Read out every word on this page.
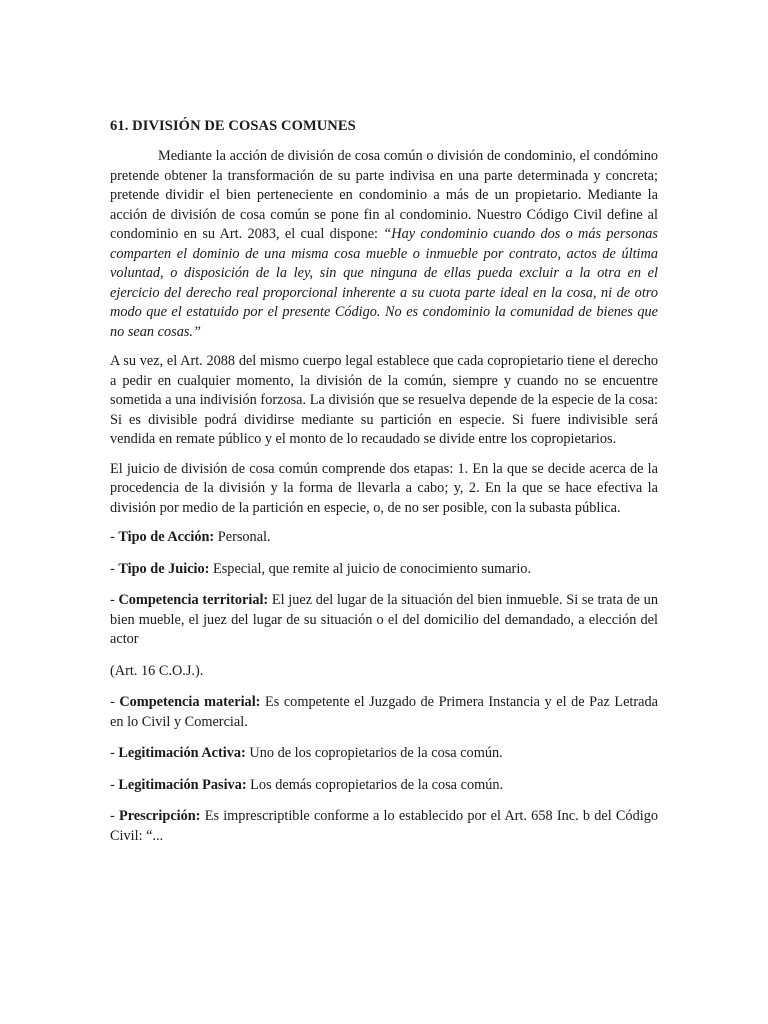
61. DIVISIÓN DE COSAS COMUNES

Mediante la acción de división de cosa común o división de condominio, el condómino pretende obtener la transformación de su parte indivisa en una parte determinada y concreta; pretende dividir el bien perteneciente en condominio a más de un propietario. Mediante la acción de división de cosa común se pone fin al condominio. Nuestro Código Civil define al condominio en su Art. 2083, el cual dispone: “Hay condominio cuando dos o más personas comparten el dominio de una misma cosa mueble o inmueble por contrato, actos de última voluntad, o disposición de la ley, sin que ninguna de ellas pueda excluir a la otra en el ejercicio del derecho real proporcional inherente a su cuota parte ideal en la cosa, ni de otro modo que el estatuido por el presente Código. No es condominio la comunidad de bienes que no sean cosas.”

A su vez, el Art. 2088 del mismo cuerpo legal establece que cada copropietario tiene el derecho a pedir en cualquier momento, la división de la común, siempre y cuando no se encuentre sometida a una indivisión forzosa. La división que se resuelva depende de la especie de la cosa: Si es divisible podrá dividirse mediante su partición en especie. Si fuere indivisible será vendida en remate público y el monto de lo recaudado se divide entre los copropietarios.

El juicio de división de cosa común comprende dos etapas: 1. En la que se decide acerca de la procedencia de la división y la forma de llevarla a cabo; y, 2. En la que se hace efectiva la división por medio de la partición en especie, o, de no ser posible, con la subasta pública.

- Tipo de Acción: Personal.

- Tipo de Juicio: Especial, que remite al juicio de conocimiento sumario.

- Competencia territorial: El juez del lugar de la situación del bien inmueble. Si se trata de un bien mueble, el juez del lugar de su situación o el del domicilio del demandado, a elección del actor

(Art. 16 C.O.J.).

- Competencia material: Es competente el Juzgado de Primera Instancia y el de Paz Letrada en lo Civil y Comercial.

- Legitimación Activa: Uno de los copropietarios de la cosa común.

- Legitimación Pasiva: Los demás copropietarios de la cosa común.

- Prescripción: Es imprescriptible conforme a lo establecido por el Art. 658 Inc. b del Código Civil: “...
